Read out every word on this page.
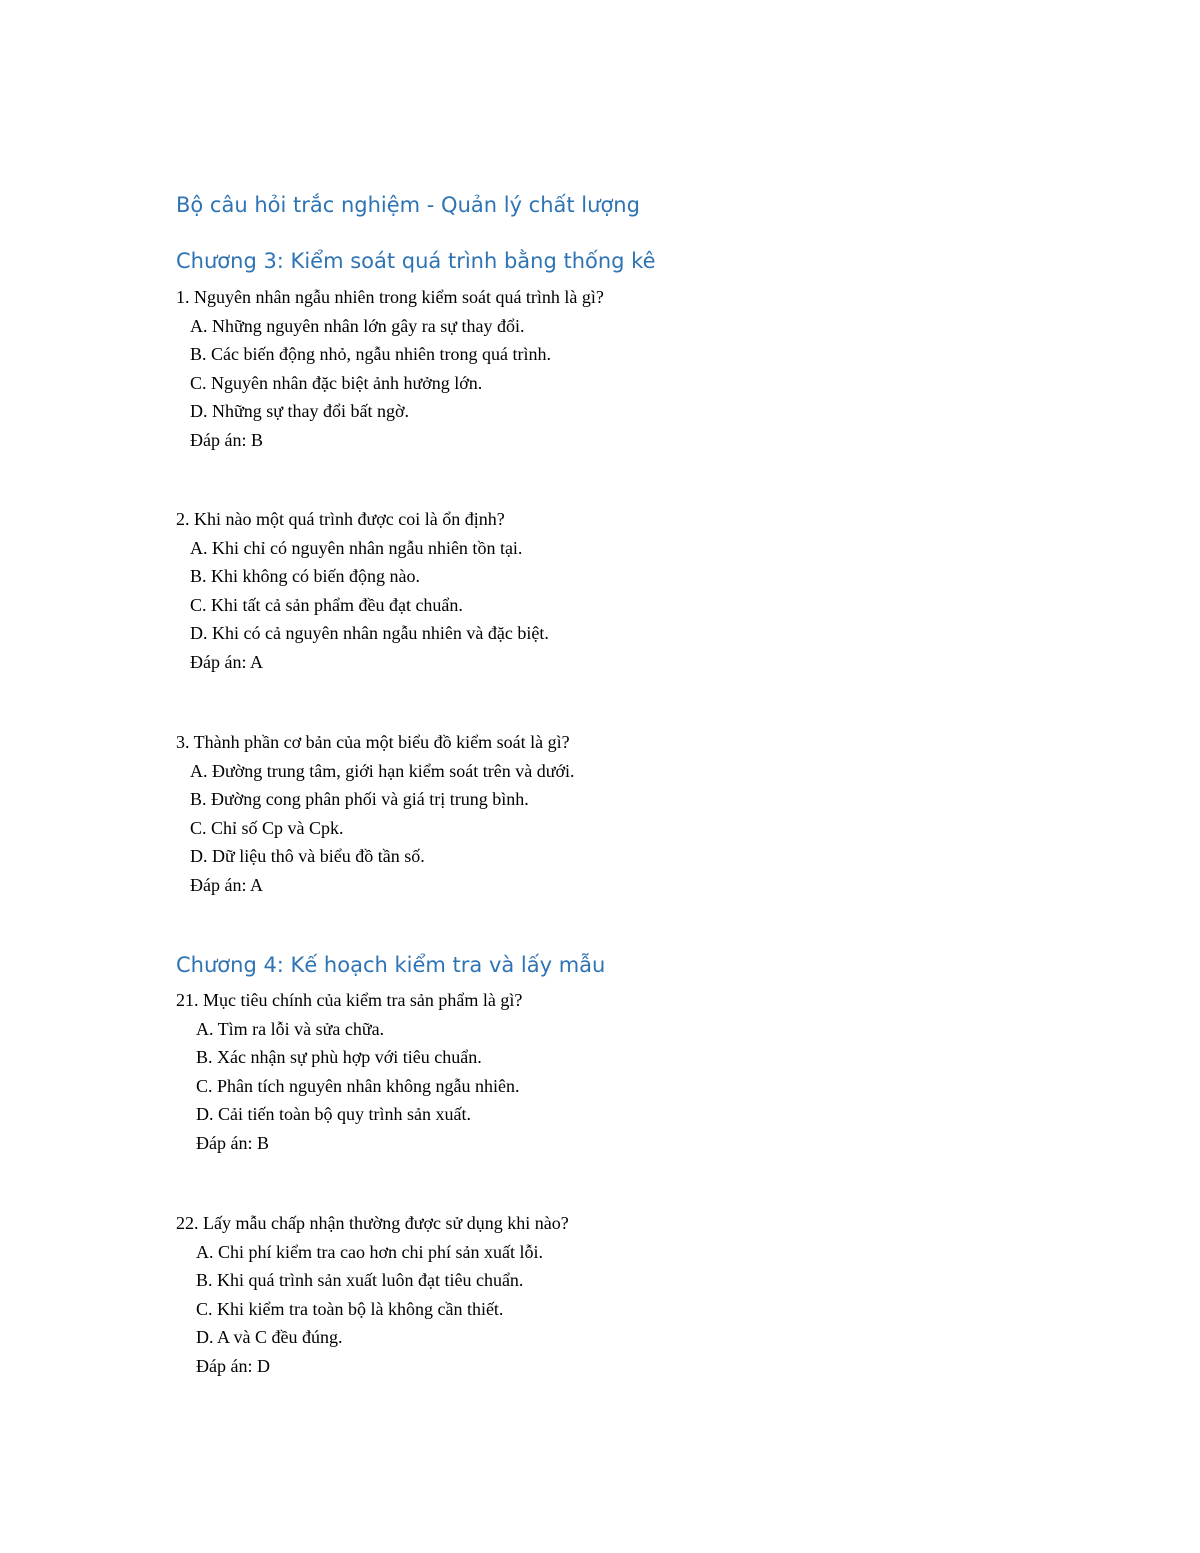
Bộ câu hỏi trắc nghiệm - Quản lý chất lượng
Chương 3: Kiểm soát quá trình bằng thống kê

1. Nguyên nhân ngẫu nhiên trong kiểm soát quá trình là gì?

A. Những nguyên nhân lớn gây ra sự thay đổi.

B. Các biến động nhỏ, ngẫu nhiên trong quá trình.

C. Nguyên nhân đặc biệt ảnh hưởng lớn.

D. Những sự thay đổi bất ngờ.

Đáp án: B

2. Khi nào một quá trình được coi là ổn định?

A. Khi chỉ có nguyên nhân ngẫu nhiên tồn tại.

B. Khi không có biến động nào.

C. Khi tất cả sản phẩm đều đạt chuẩn.

D. Khi có cả nguyên nhân ngẫu nhiên và đặc biệt.

Đáp án: A

3. Thành phần cơ bản của một biểu đồ kiểm soát là gì?

A. Đường trung tâm, giới hạn kiểm soát trên và dưới.

B. Đường cong phân phối và giá trị trung bình.

C. Chỉ số Cp và Cpk.

D. Dữ liệu thô và biểu đồ tần số.

Đáp án: A

Chương 4: Kế hoạch kiểm tra và lấy mẫu

21. Mục tiêu chính của kiểm tra sản phẩm là gì?

A. Tìm ra lỗi và sửa chữa.

B. Xác nhận sự phù hợp với tiêu chuẩn.

C. Phân tích nguyên nhân không ngẫu nhiên.

D. Cải tiến toàn bộ quy trình sản xuất.

Đáp án: B

22. Lấy mẫu chấp nhận thường được sử dụng khi nào?

A. Chi phí kiểm tra cao hơn chi phí sản xuất lỗi.

B. Khi quá trình sản xuất luôn đạt tiêu chuẩn.

C. Khi kiểm tra toàn bộ là không cần thiết.

D. A và C đều đúng.

Đáp án: D
